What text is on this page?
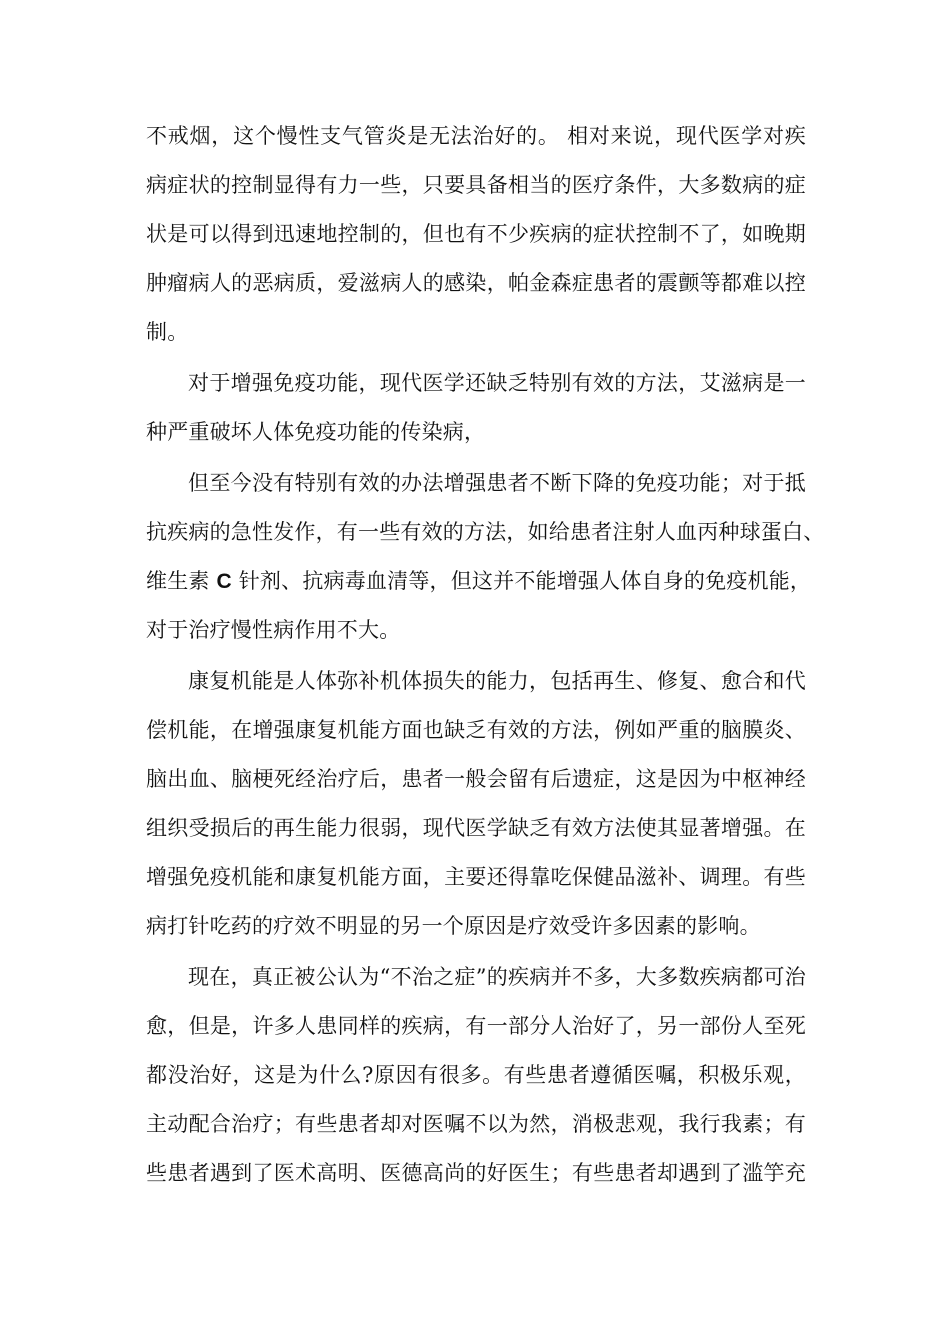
不戒烟，这个慢性支气管炎是无法治好的。 相对来说，现代医学对疾
病症状的控制显得有力一些，只要具备相当的医疗条件，大多数病的症
状是可以得到迅速地控制的，但也有不少疾病的症状控制不了，如晚期
肿瘤病人的恶病质，爱滋病人的感染，帕金森症患者的震颤等都难以控
制。
对于增强免疫功能，现代医学还缺乏特别有效的方法，艾滋病是一
种严重破坏人体免疫功能的传染病，
但至今没有特别有效的办法增强患者不断下降的免疫功能；对于抵
抗疾病的急性发作，有一些有效的方法，如给患者注射人血丙种球蛋白、
维生素 C 针剂、抗病毒血清等，但这并不能增强人体自身的免疫机能，
对于治疗慢性病作用不大。
康复机能是人体弥补机体损失的能力，包括再生、修复、愈合和代
偿机能，在增强康复机能方面也缺乏有效的方法，例如严重的脑膜炎、
脑出血、脑梗死经治疗后，患者一般会留有后遗症，这是因为中枢神经
组织受损后的再生能力很弱，现代医学缺乏有效方法使其显著增强。在
增强免疫机能和康复机能方面，主要还得靠吃保健品滋补、调理。有些
病打针吃药的疗效不明显的另一个原因是疗效受许多因素的影响。
现在，真正被公认为“不治之症”的疾病并不多，大多数疾病都可治
愈，但是，许多人患同样的疾病，有一部分人治好了，另一部份人至死
都没治好，这是为什么?原因有很多。有些患者遵循医嘱，积极乐观，
主动配合治疗；有些患者却对医嘱不以为然，消极悲观，我行我素；有
些患者遇到了医术高明、医德高尚的好医生；有些患者却遇到了滥竽充
